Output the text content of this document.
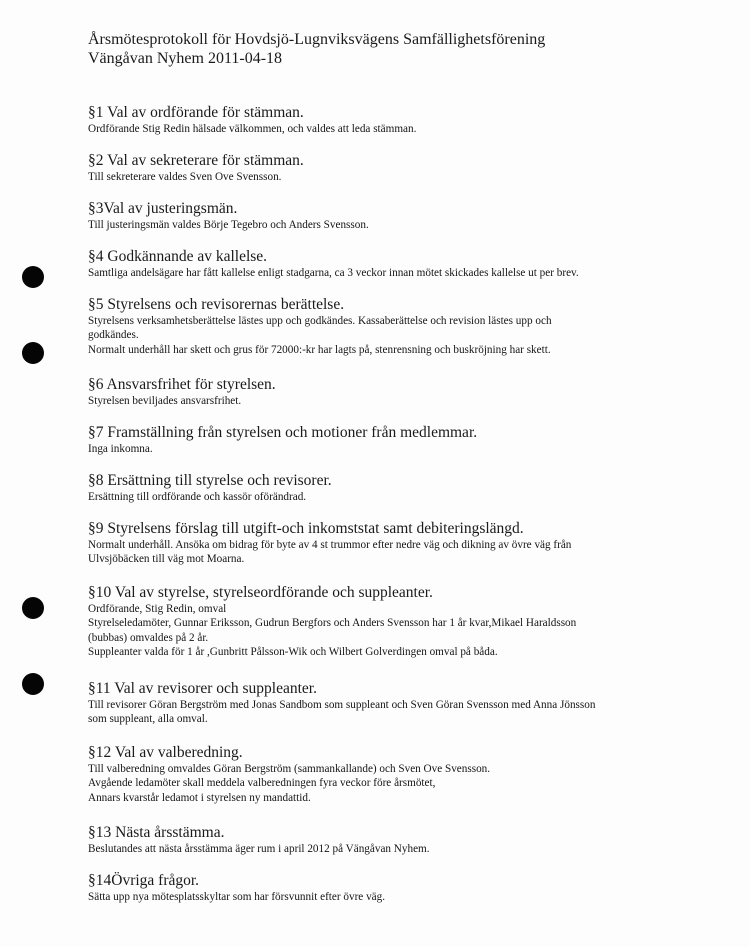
Årsmötesprotokoll för Hovdsjö-Lugnviksvägens Samfällighetsförening
Vängåvan Nyhem 2011-04-18
§1 Val av ordförande för stämman.
Ordförande Stig Redin hälsade välkommen, och valdes att leda stämman.
§2 Val av sekreterare för stämman.
Till sekreterare valdes Sven Ove Svensson.
§3Val av justeringsmän.
Till justeringsmän valdes Börje Tegebro och Anders Svensson.
§4 Godkännande av kallelse.
Samtliga andelsägare har fått kallelse enligt stadgarna, ca 3 veckor innan mötet skickades kallelse ut per brev.
§5 Styrelsens och revisorernas berättelse.
Styrelsens verksamhetsberättelse lästes upp och godkändes. Kassaberättelse och revision lästes upp och
godkändes.
Normalt underhåll har skett och grus för 72000:-kr har lagts på, stenrensning och buskröjning har skett.
§6 Ansvarsfrihet för styrelsen.
Styrelsen beviljades ansvarsfrihet.
§7 Framställning från styrelsen och motioner från medlemmar.
Inga inkomna.
§8 Ersättning till styrelse och revisorer.
Ersättning till ordförande och kassör oförändrad.
§9 Styrelsens förslag till utgift-och inkomststat samt debiteringslängd.
Normalt underhåll. Ansöka om bidrag för byte av 4 st trummor efter nedre väg och dikning av övre väg från
Ulvsjöbäcken till väg mot Moarna.
§10 Val av styrelse, styrelseordförande och suppleanter.
Ordförande, Stig Redin, omval
Styrelseledamöter, Gunnar Eriksson, Gudrun Bergfors och Anders Svensson har 1 år kvar,Mikael Haraldsson
(bubbas) omvaldes på 2 år.
Suppleanter valda för 1 år ,Gunbritt Pålsson-Wik och Wilbert Golverdingen omval på båda.
§11 Val av revisorer och suppleanter.
Till revisorer Göran Bergström med Jonas Sandbom som suppleant och Sven Göran Svensson med Anna Jönsson
som suppleant, alla omval.
§12 Val av valberedning.
Till valberedning omvaldes Göran Bergström (sammankallande) och Sven Ove Svensson.
Avgående ledamöter skall meddela valberedningen fyra veckor före årsmötet,
Annars kvarstår ledamot i styrelsen ny mandattid.
§13 Nästa årsstämma.
Beslutandes att nästa årsstämma äger rum i april 2012 på Vängåvan Nyhem.
§14Övriga frågor.
Sätta upp nya mötesplatsskyltar som har försvunnit efter övre väg.
